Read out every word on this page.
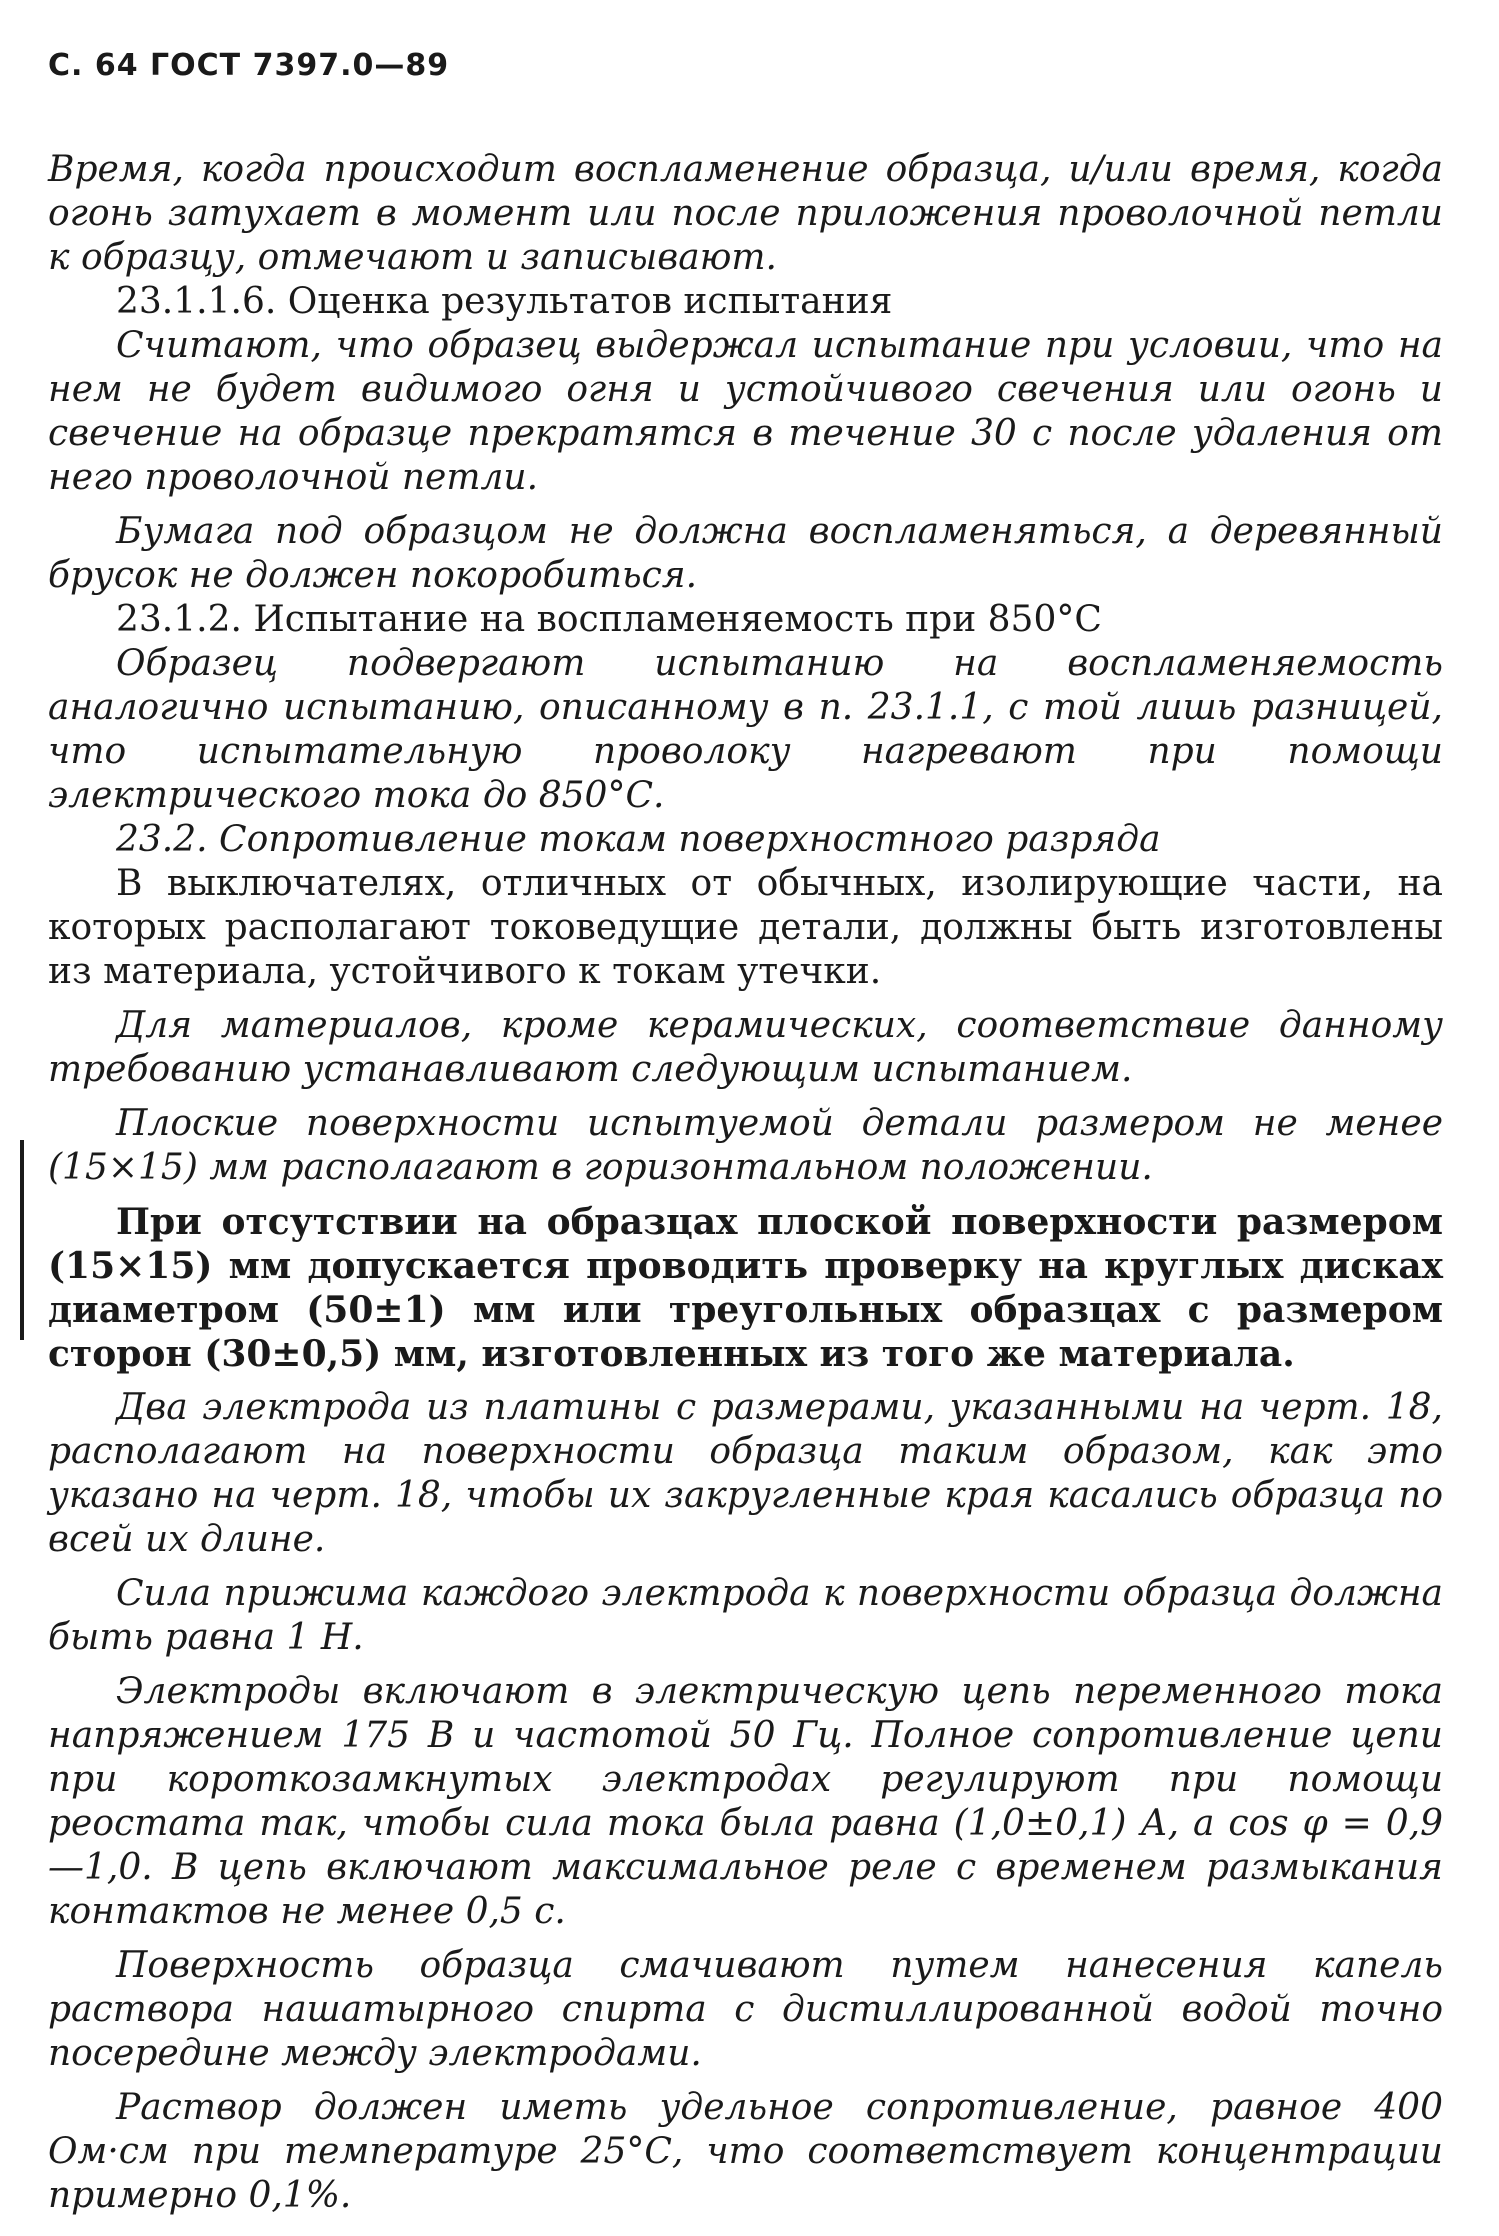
С. 64 ГОСТ 7397.0—89

Время, когда происходит воспламенение образца, и/или время, когда огонь затухает в момент или после приложения проволочной петли к образцу, отмечают и записывают.

23.1.1.6. Оценка результатов испытания

Считают, что образец выдержал испытание при условии, что на нем не будет видимого огня и устойчивого свечения или огонь и свечение на образце прекратятся в течение 30 с после удаления от него проволочной петли.

Бумага под образцом не должна воспламеняться, а деревянный брусок не должен покоробиться.

23.1.2. Испытание на воспламеняемость при 850°С

Образец подвергают испытанию на воспламеняемость аналогично испытанию, описанному в п. 23.1.1, с той лишь разницей, что испытательную проволоку нагревают при помощи электрического тока до 850°С.

23.2. Сопротивление токам поверхностного разряда

В выключателях, отличных от обычных, изолирующие части, на которых располагают токоведущие детали, должны быть изготовлены из материала, устойчивого к токам утечки.

Для материалов, кроме керамических, соответствие данному требованию устанавливают следующим испытанием.

Плоские поверхности испытуемой детали размером не менее (15×15) мм располагают в горизонтальном положении.

При отсутствии на образцах плоской поверхности размером (15×15) мм допускается проводить проверку на круглых дисках диаметром (50±1) мм или треугольных образцах с размером сторон (30±0,5) мм, изготовленных из того же материала.

Два электрода из платины с размерами, указанными на черт. 18, располагают на поверхности образца таким образом, как это указано на черт. 18, чтобы их закругленные края касались образца по всей их длине.

Сила прижима каждого электрода к поверхности образца должна быть равна 1 Н.

Электроды включают в электрическую цепь переменного тока напряжением 175 В и частотой 50 Гц. Полное сопротивление цепи при короткозамкнутых электродах регулируют при помощи реостата так, чтобы сила тока была равна (1,0±0,1) А, а cos φ = 0,9—1,0. В цепь включают максимальное реле с временем размыкания контактов не менее 0,5 с.

Поверхность образца смачивают путем нанесения капель раствора нашатырного спирта с дистиллированной водой точно посередине между электродами.

Раствор должен иметь удельное сопротивление, равное 400 Ом·см при температуре 25°С, что соответствует концентрации примерно 0,1%.
